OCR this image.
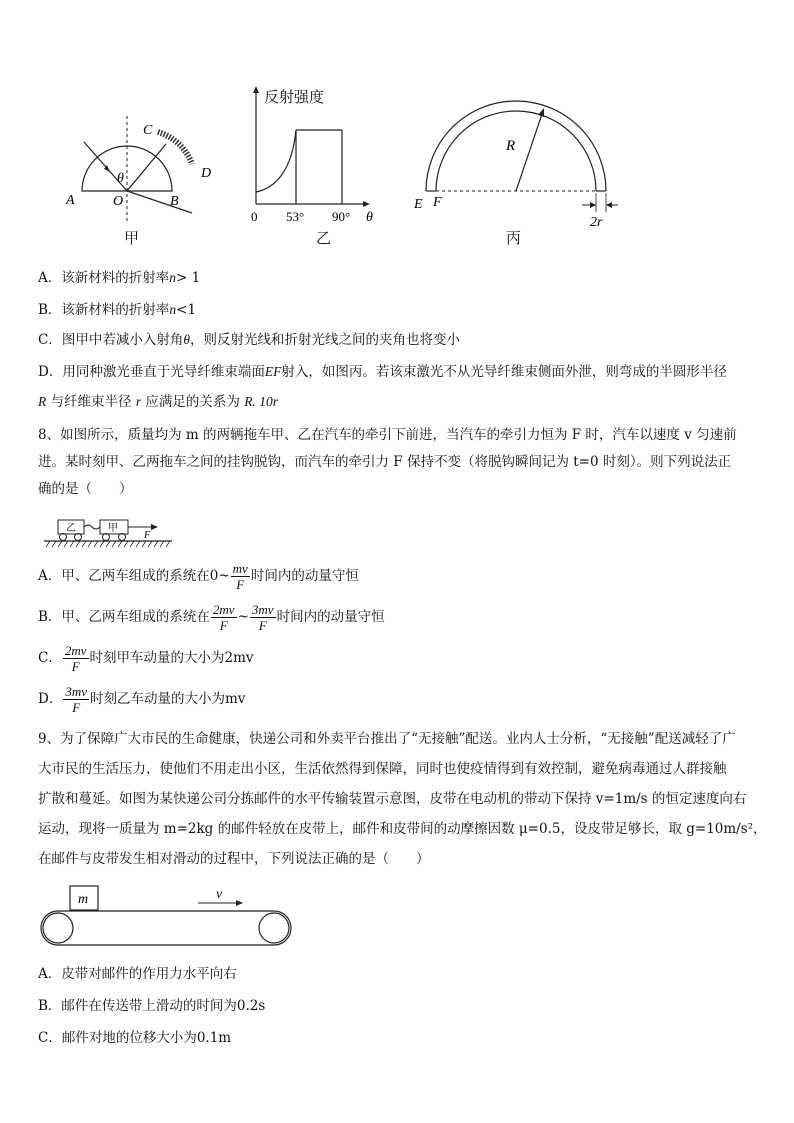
A	O	B
C
D
θ
甲
0 53° 90° θ
反射强度
乙
R
E F
2r
丙
A．该新材料的折射率n> 1
B．该新材料的折射率n<1
C．图甲中若减小入射角θ，则反射光线和折射光线之间的夹角也将变小
D．用同种激光垂直于光导纤维束端面EF射入，如图丙。若该束激光不从光导纤维束侧面外泄，则弯成的半圆形半径
R 与纤维束半径 r 应满足的关系为 R. 10r
8、如图所示，质量均为 m 的两辆拖车甲、乙在汽车的牵引下前进，当汽车的牵引力恒为 F 时，汽车以速度 v 匀速前
进。某时刻甲、乙两拖车之间的挂钩脱钩，而汽车的牵引力 F 保持不变（将脱钩瞬间记为 t=0 时刻）。则下列说法正
确的是（　　）
乙	甲
F
A．甲、乙两车组成的系统在0~ $\frac{mv}{F}$ 时间内的动量守恒
B．甲、乙两车组成的系统在 $\frac{2mv}{F}$ ~ $\frac{3mv}{F}$ 时间内的动量守恒
C． $\frac{2mv}{F}$ 时刻甲车动量的大小为2mv
D． $\frac{3mv}{F}$ 时刻乙车动量的大小为mv
9、为了保障广大市民的生命健康，快递公司和外卖平台推出了“无接触”配送。业内人士分析，“无接触”配送减轻了广
大市民的生活压力，使他们不用走出小区，生活依然得到保障，同时也使疫情得到有效控制，避免病毒通过人群接触
扩散和蔓延。如图为某快递公司分拣邮件的水平传输装置示意图，皮带在电动机的带动下保持 v=1m/s 的恒定速度向右
运动，现将一质量为 m=2kg 的邮件轻放在皮带上，邮件和皮带间的动摩擦因数 μ=0.5，设皮带足够长，取 g=10m/s²，
在邮件与皮带发生相对滑动的过程中，下列说法正确的是（　　）
m	v
A．皮带对邮件的作用力水平向右
B．邮件在传送带上滑动的时间为0.2s
C．邮件对地的位移大小为0.1m
